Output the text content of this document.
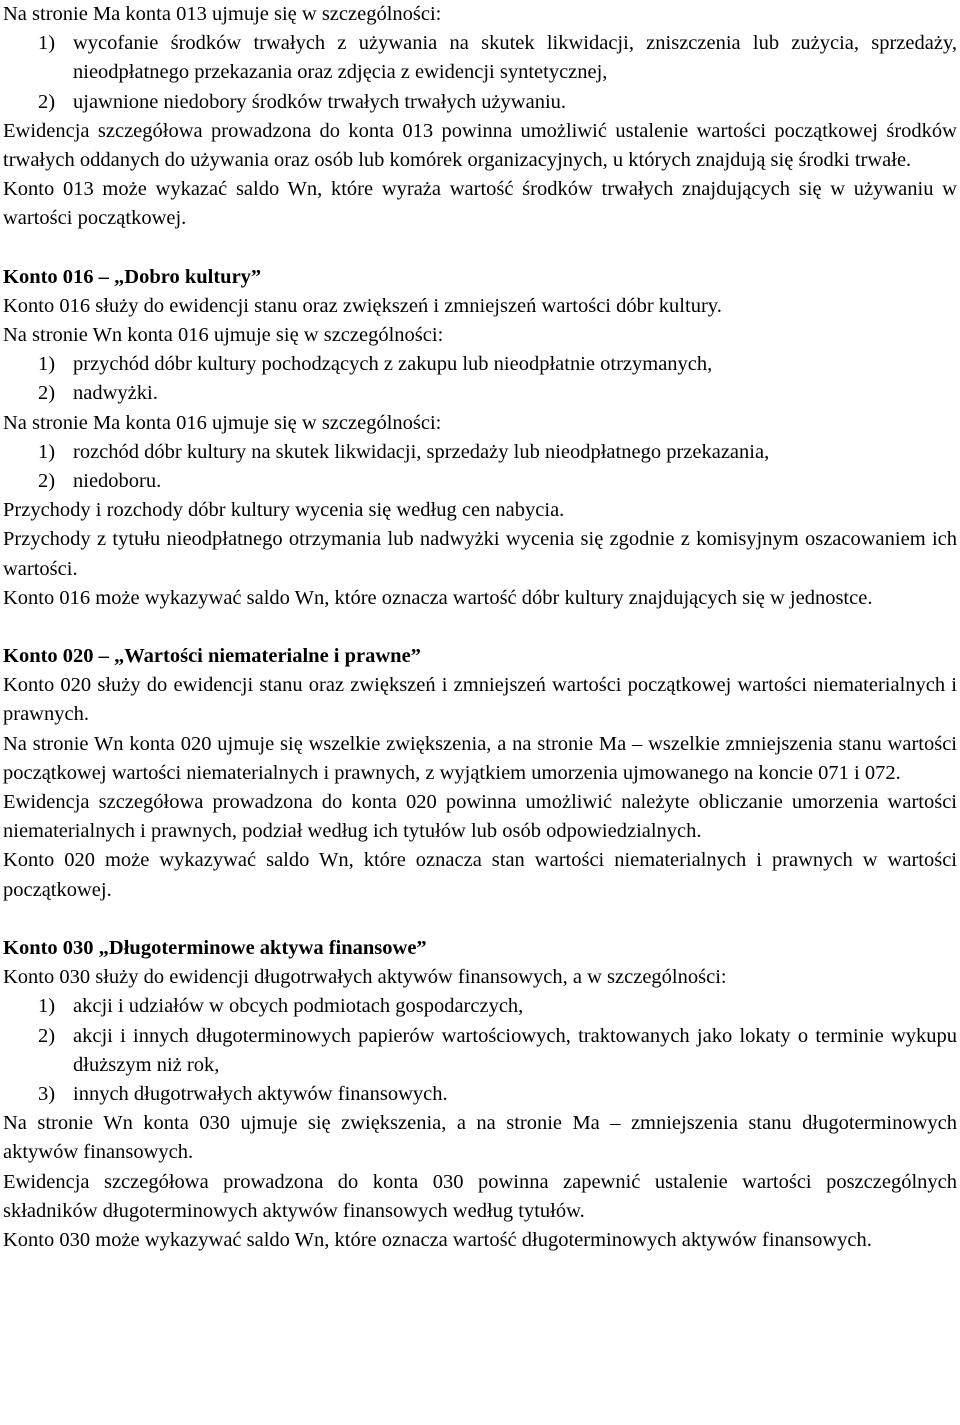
Na stronie Ma konta 013 ujmuje się w szczególności:

1) wycofanie środków trwałych z używania na skutek likwidacji, zniszczenia lub zużycia, sprzedaży, nieodpłatnego przekazania oraz zdjęcia z ewidencji syntetycznej,
2) ujawnione niedobory środków trwałych trwałych używaniu.

Ewidencja szczegółowa prowadzona do konta 013 powinna umożliwić ustalenie wartości początkowej środków trwałych oddanych do używania oraz osób lub komórek organizacyjnych, u których znajdują się środki trwałe.

Konto 013 może wykazać saldo Wn, które wyraża wartość środków trwałych znajdujących się w używaniu w wartości początkowej.

Konto 016 – „Dobro kultury”

Konto 016 służy do ewidencji stanu oraz zwiększeń i zmniejszeń wartości dóbr kultury.

Na stronie Wn konta 016 ujmuje się w szczególności:

1) przychód dóbr kultury pochodzących z zakupu lub nieodpłatnie otrzymanych,
2) nadwyżki.

Na stronie Ma konta 016 ujmuje się w szczególności:

1) rozchód dóbr kultury na skutek likwidacji, sprzedaży lub nieodpłatnego przekazania,
2) niedoboru.

Przychody i rozchody dóbr kultury wycenia się według cen nabycia.

Przychody z tytułu nieodpłatnego otrzymania lub nadwyżki wycenia się zgodnie z komisyjnym oszacowaniem ich wartości.

Konto 016 może wykazywać saldo Wn, które oznacza wartość dóbr kultury znajdujących się w jednostce.

Konto 020 – „Wartości niematerialne i prawne”

Konto 020 służy do ewidencji stanu oraz zwiększeń i zmniejszeń wartości początkowej wartości niematerialnych i prawnych.

Na stronie Wn konta 020 ujmuje się wszelkie zwiększenia, a na stronie Ma – wszelkie zmniejszenia stanu wartości początkowej wartości niematerialnych i prawnych, z wyjątkiem umorzenia ujmowanego na koncie 071 i 072.

Ewidencja szczegółowa prowadzona do konta 020 powinna umożliwić należyte obliczanie umorzenia wartości niematerialnych i prawnych, podział według ich tytułów lub osób odpowiedzialnych.

Konto 020 może wykazywać saldo Wn, które oznacza stan wartości niematerialnych i prawnych w wartości początkowej.

Konto 030 „Długoterminowe aktywa finansowe”

Konto 030 służy do ewidencji długotrwałych aktywów finansowych, a w szczególności:

1) akcji i udziałów w obcych podmiotach gospodarczych,
2) akcji i innych długoterminowych papierów wartościowych, traktowanych jako lokaty o terminie wykupu dłuższym niż rok,
3) innych długotrwałych aktywów finansowych.

Na stronie Wn konta 030 ujmuje się zwiększenia, a na stronie Ma – zmniejszenia stanu długoterminowych aktywów finansowych.

Ewidencja szczegółowa prowadzona do konta 030 powinna zapewnić ustalenie wartości poszczególnych składników długoterminowych aktywów finansowych według tytułów.

Konto 030 może wykazywać saldo Wn, które oznacza wartość długoterminowych aktywów finansowych.
